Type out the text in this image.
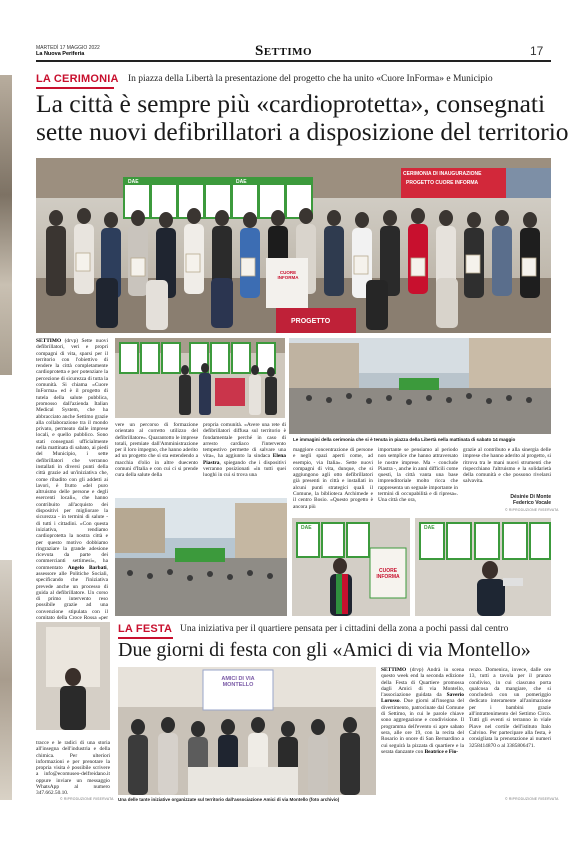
MARTEDÌ 17 MAGGIO 2022
La Nuova Periferia	Settimo	17
LA CERIMONIA In piazza della Libertà la presentazione del progetto che ha unito «Cuore InForma» e Municipio
La città è sempre più «cardioprotetta», consegnati
sette nuovi defibrillatori a disposizione del territorio
DAE	DAE
CERIMONIA DI INAUGURAZIONE
PROGETTO CUORE INFORMA
CUORE INFORMA
PROGETTO
SETTIMO (drvp) Sette nuovi defibrillatori, veri e propri compagni di vita, sparsi per il territorio con l'obiettivo di rendere la città completamente cardioprotetta e per potenziare la percezione di sicurezza di tutta la comunità. Si chiama «Cuore InForma» ed è il progetto di tutela della salute pubblica, promosso dall'azienda Italian Medical System, che ha abbracciato anche Settimo grazie alla collaborazione tra il mondo privato, permeato dalle imprese locali, e quello pubblico. Sono stati consegnati ufficialmente nella mattinata di sabato, ai piedi del Municipio, i sette defibrillatori che verranno installati in diversi punti della città grazie ad un'iniziativa che, come ribadito con gli addetti ai lavori, è frutto «del puro altruismo delle persone e degli esercenti locali», che hanno contribuito all'acquisto dei dispositivi per migliorare la sicurezza - in termini di salute - di tutti i cittadini. «Con questa iniziativa, rendiamo cardioprotetta la nostra città e per questo motivo dobbiamo ringraziare la grande adesione ricevuta da parte dei commercianti settimesi», ha commentato Angelo Barbati, assessore alle Politiche Sociali, specificando che l'iniziativa prevede anche un processo di guida al defibrillatore. Un corso di primo intervento reso possibile grazie ad una convenzione stipulata con il comitato della Croce Rossa «per
Le immagini della cerimonia che si è tenuta in piazza della Libertà nella mattinata di sabato 14 maggio
vere un percorso di formazione orientato al corretto utilizzo del defibrillatore». Quarantotto le imprese totali, premiate dall'Amministrazione per il loro impegno, che hanno aderito ad un progetto che si sta estendendo a macchia d'olio in altre duecento comuni d'Italia e con cui ci si prende cura della salute della
propria comunità. «Avere una rete di defibrillatori diffusa sul territorio è fondamentale perché in caso di arresto cardiaco l'intervento tempestivo permette di salvare una vita», ha aggiunto la sindaca Elena Piastra, spiegando che i dispositivi verranno posizionati «in tutti quei luoghi in cui si trova una
maggiore concentrazione di persone e negli spazi aperti come, ad esempio, via Italia». Sette nuovi compagni di vita, dunque, che si aggiungono agli otto defibrillatori già presenti in città e installati in alcuni punti strategici quali il Comune, la biblioteca Archimede e il centro Bosio. «Questo progetto è ancora più
importante se pensiamo al periodo non semplice che hanno attraversato le nostre imprese. Ma - conclude Piastra -, anche in anni difficili come questi, la città vanta una base imprenditoriale molto ricca che rappresenta un segnale importante in termini di occupabilità e di ripresa». Una città che ora,
grazie al contributo e alla sinergia delle imprese che hanno aderito al progetto, si ritrova tra le mani nuovi strumenti che rispecchiano l'altruismo e la solidarietà della comunità e che possono rivelarsi salvavita.
Désirée Di Monte
Federico Vocale
© RIPRODUZIONE RISERVATA
CUORE INFORMA
DAE	DAE
tracce e le radici di una storia all'insegna dell'industria e della chimica. Per ulteriori informazioni e per prenotare la propria visita è possibile scrivere a info@ecomuseo-delfreidano.it oppure inviare un messaggio WhatsApp al numero 347.662.50.10.
LA FESTA Una iniziativa per il quartiere pensata per i cittadini della zona a pochi passi dal centro
Due giorni di festa con gli «Amici di via Montello»
AMICI DI VIA MONTELLO
Una delle tante iniziative organizzate sul territorio dall'associazione Amici di via Montello (foto archivio)
SETTIMO (drvp) Andrà in scena questo week end la seconda edizione della Festa di Quartiere promossa dagli Amici di via Montello, l'associazione guidata da Saverio Lorusso. Due giorni all'insegna del divertimento, patrocinate dal Comune di Settimo, in cui le parole chiave sono aggregazione e condivisione. Il programma dell'evento si apre sabato sera, alle ore 19, con la recita del Rosario in onore di San Bernardino a cui seguirà la pizzata di quartiere e la serata danzante con Beatrice e Fio-
renzo. Domenica, invece, dalle ore 13, tutti a tavola per il pranzo condiviso, in cui ciascuno porta qualcosa da mangiare, che si concluderà con un pomeriggio dedicato interamente all'animazione per i bambini grazie all'intrattenimento del Settimo Circo. Tutti gli eventi si terranno in viale Piave nel cortile dell'istituto Italo Calvino. Per partecipare alla festa, è consigliata la prenotazione ai numeri 3258414870 o al 3385806471.
© RIPRODUZIONE RISERVATA
© RIPRODUZIONE RISERVATA
